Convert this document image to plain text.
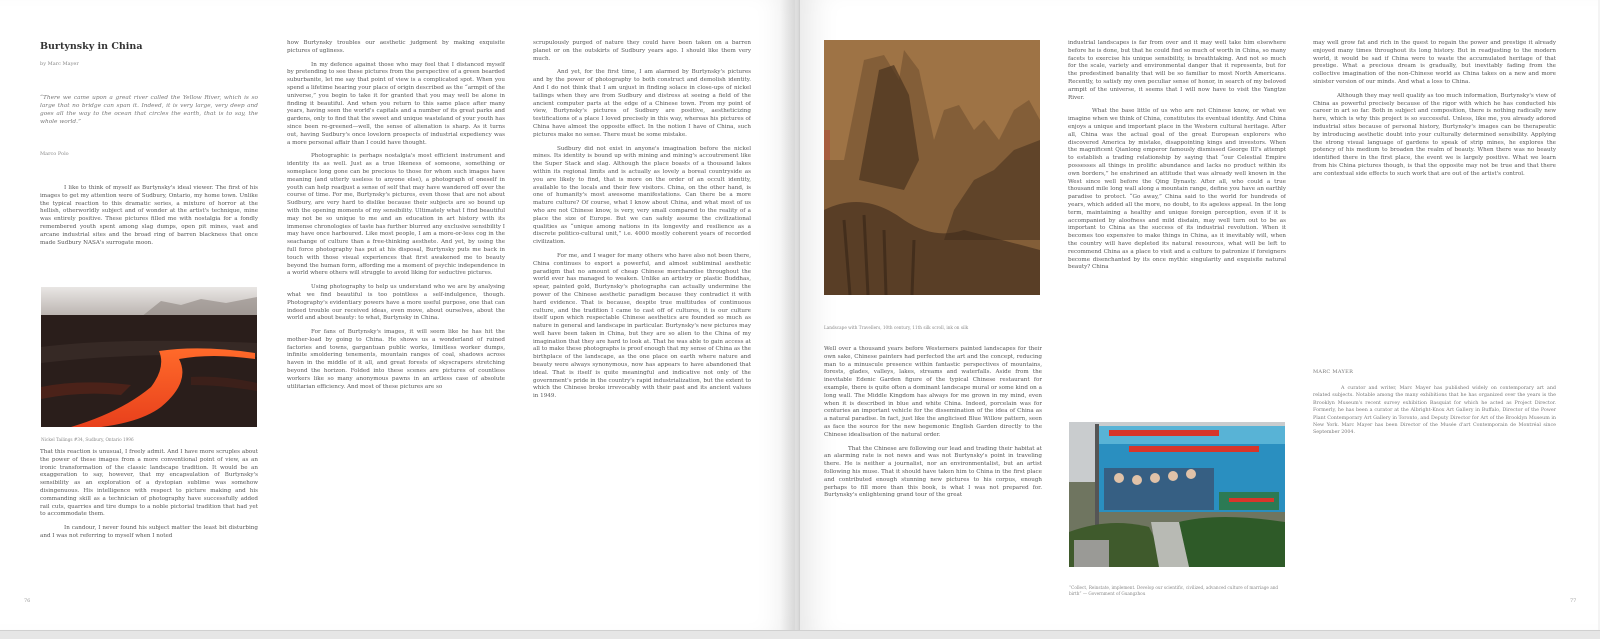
Burtynsky in China
by Marc Mayer
“There we came upon a great river called the Yellow River, which is so large that no bridge can span it. Indeed, it is very large, very deep and goes all the way to the ocean that circles the earth, that is to say, the whole world.”
Marco Polo

I like to think of myself as Burtynsky's ideal viewer. The first of his images to get my attention were of Sudbury, Ontario, my home town. Unlike the typical reaction to this dramatic series, a mixture of horror at the hellish, otherworldly subject and of wonder at the artist's technique, mine was entirely positive. These pictures filled me with nostalgia for a fondly remembered youth spent among slag dumps, open pit mines, vast and arcane industrial sites and the broad ring of barren blackness that once made Sudbury NASA's surrogate moon.

Nickel Tailings #34, Sudbury, Ontario 1996

That this reaction is unusual, I freely admit. And I have more scruples about the power of these images from a more conventional point of view, as an ironic transformation of the classic landscape tradition. It would be an exaggeration to say, however, that my encapsulation of Burtynsky's sensibility as an exploration of a dystopian sublime was somehow disingenuous. His intelligence with respect to picture making and his commanding skill as a technician of photography have successfully added rail cuts, quarries and tire dumps to a noble pictorial tradition that had yet to accommodate them.

In candour, I never found his subject matter the least bit disturbing and I was not referring to myself when I noted

how Burtynsky troubles our aesthetic judgment by making exquisite pictures of ugliness.

In my defence against those who may feel that I distanced myself by pretending to see these pictures from the perspective of a green bearded suburbanite, let me say that point of view is a complicated spot. When you spend a lifetime hearing your place of origin described as the “armpit of the universe,” you begin to take it for granted that you may well be alone in finding it beautiful. And when you return to this same place after many years, having seen the world's capitals and a number of its great parks and gardens, only to find that the sweet and unique wasteland of your youth has since been re-greened—well, the sense of alienation is sharp. As it turns out, having Sudbury's once lovelorn prospects of industrial expediency was a more personal affair than I could have thought.

Photographic is perhaps nostalgia's most efficient instrument and identity its as well. Just as a true likeness of someone, something or someplace long gone can be precious to those for whom such images have meaning (and utterly useless to anyone else), a photograph of oneself in youth can help readjust a sense of self that may have wandered off over the course of time. For me, Burtynsky's pictures, even those that are not about Sudbury, are very hard to dislike because their subjects are so bound up with the opening moments of my sensibility. Ultimately what I find beautiful may not be so unique to me and an education in art history with its immense chronologies of taste has further blurred any exclusive sensibility I may have once harboured. Like most people, I am a more-or-less cog in the seachange of culture than a free-thinking aesthete. And yet, by using the full force photography has put at his disposal, Burtynsky puts me back in touch with those visual experiences that first awakened me to beauty beyond the human form, affording me a moment of psychic independence in a world where others will struggle to avoid liking for seductive pictures.

Using photography to help us understand who we are by analysing what we find beautiful is too pointless a self-indulgence, though. Photography's evidentiary powers have a more useful purpose, one that can indeed trouble our received ideas, even move, about ourselves, about the world and about beauty: to what, Burtynsky in China.

For fans of Burtynsky's images, it will seem like he has hit the mother-load by going to China. He shows us a wonderland of ruined factories and towns, gargantuan public works, limitless worker dumps, infinite smoldering tenements, mountain ranges of coal, shadows across haven in the middle of it all, and great forests of skyscrapers stretching beyond the horizon. Folded into these scenes are pictures of countless workers like so many anonymous pawns in an artless case of absolute utilitarian efficiency. And most of these pictures are so

scrupulously purged of nature they could have been taken on a barren planet or on the outskirts of Sudbury years ago. I should like them very much.

And yet, for the first time, I am alarmed by Burtynsky's pictures and by the power of photography to both construct and demolish identity. And I do not think that I am unjust in finding solace in close-ups of nickel tailings when they are from Sudbury and distress at seeing a field of the ancient computer parts at the edge of a Chinese town. From my point of view, Burtynsky's pictures of Sudbury are positive, aestheticizing testifications of a place I loved precisely in this way, whereas his pictures of China have almost the opposite effect. In the notion I have of China, such pictures make no sense. There must be some mistake.

Sudbury did not exist in anyone's imagination before the nickel mines. Its identity is bound up with mining and mining's accoutrement like the Super Stack and slag. Although the place boasts of a thousand lakes within its regional limits and is actually as lovely a boreal countryside as you are likely to find, that is more on the order of an occult identity, available to the locals and their few visitors. China, on the other hand, is one of humanity's most awesome manifestations. Can there be a more mature culture? Of course, what I know about China, and what most of us who are not Chinese know, is very, very small compared to the reality of a place the size of Europe. But we can safely assume the civilizational qualities as “unique among nations in its longevity and resilience as a discrete politico-cultural unit,” i.e. 4000 mostly coherent years of recorded civilization.

For me, and I wager for many others who have also not been there, China continues to export a powerful, and almost subliminal aesthetic paradigm that no amount of cheap Chinese merchandise throughout the world ever has managed to weaken. Unlike an artistry or plastic Buddhas, spear, painted gold, Burtynsky's photographs can actually undermine the power of the Chinese aesthetic paradigm because they contradict it with hard evidence. That is because, despite true multitudes of continuous culture, and the tradition I came to cast off of cultures, it is our culture itself upon which respectable Chinese aesthetics are founded so much as nature in general and landscape in particular. Burtynsky's new pictures may well have been taken in China, but they are so alien to the China of my imagination that they are hard to look at. That he was able to gain access at all to make these photographs is proof enough that my sense of China as the birthplace of the landscape, as the one place on earth where nature and beauty were always synonymous, now has appears to have abandoned that ideal. That is itself is quite meaningful and indicative not only of the government's pride in the country's rapid industrialization, but the extent to which the Chinese broke irrevocably with their past and its ancient values in 1949.

76
Landscape with Travellers, 10th century, 11th silk scroll, ink on silk

Well over a thousand years before Westerners painted landscapes for their own sake, Chinese painters had perfected the art and the concept, reducing man to a minuscule presence within fantastic perspectives of mountains, forests, glades, valleys, lakes, streams and waterfalls. Aside from the inevitable Edenic Garden figure of the typical Chinese restaurant for example, there is quite often a dominant landscape mural or some kind on a long wall. The Middle Kingdom has always for me grown in my mind, even when it is described in blue and white China. Indeed, porcelain was for centuries an important vehicle for the dissemination of the idea of China as a natural paradise. In fact, just like the anglicised Blue Willow pattern, seen as face the source for the new hegemonic English Garden directly to the Chinese idealisation of the natural order.

That the Chinese are following our lead and trading their habitat at an alarming rate is not news and was not Burtynsky's point in traveling there. He is neither a journalist, nor an environmentalist, but an artist following his muse. That it should have taken him to China in the first place and contributed enough stunning new pictures to his corpus, enough perhaps to fill more than this book, is what I was not prepared for. Burtynsky's enlightening grand tour of the great

industrial landscapes is far from over and it may well take him elsewhere before he is done, but that he could find so much of worth in China, so many facets to exercise his unique sensibility, is breathtaking. And not so much for the scale, variety and environmental danger that it represents, but for the predestined banality that will be so familiar to most North Americans. Recently, to satisfy my own peculiar sense of honor, in search of my beloved armpit of the universe, it seems that I will now have to visit the Yangtze River.

What the base little of us who are not Chinese know, or what we imagine when we think of China, constitutes its eventual identity. And China enjoys a unique and important place in the Western cultural heritage. After all, China was the actual goal of the great European explorers who discovered America by mistake, disappointing kings and investors. When the magnificent Qianlong emperor famously dismissed George III's attempt to establish a trading relationship by saying that “our Celestial Empire possesses all things in prolific abundance and lacks no product within its own borders,” he enshrined an attitude that was already well known in the West since well before the Qing Dynasty. After all, who could a true thousand mile long wall along a mountain range, define you have an earthly paradise to protect. “Go away,” China said to the world for hundreds of years, which added all the more, no doubt, to its ageless appeal. In the long term, maintaining a healthy and unique foreign perception, even if it is accompanied by aloofness and mild disdain, may well turn out to be as important to China as the success of its industrial revolution. When it becomes too expensive to make things in China, as it inevitably will, when the country will have depleted its natural resources, what will be left to recommend China as a place to visit and a culture to patronize if foreigners become disenchanted by its once mythic singularity and exquisite natural beauty? China

“Collect, Reinstate, implement. Develop our scientific, civilized, advanced culture of marriage and birth” — Government of Guangzhou

may well grow fat and rich in the quest to regain the power and prestige it already enjoyed many times throughout its long history. But in readjusting to the modern world, it would be sad if China were to waste the accumulated heritage of that prestige. What a precious dream is gradually, but inevitably fading from the collective imagination of the non-Chinese world as China takes on a new and more sinister version of our minds. And what a loss to China.

Although they may well qualify as too much information, Burtynsky's view of China as powerful precisely because of the rigor with which he has conducted his career in art so far. Both in subject and composition, there is nothing radically new here, which is why this project is so successful. Unless, like me, you already adored industrial sites because of personal history, Burtynsky's images can be therapeutic by introducing aesthetic doubt into your culturally determined sensibility. Applying the strong visual language of gardens to speak of strip mines, he explores the potency of his medium to broaden the realm of beauty. When there was no beauty identified there in the first place, the event we is largely positive. What we learn from his China pictures though, is that the opposite may not be true and that there are contextual side effects to such work that are out of the artist's control.

77
MARC MAYER

A curator and writer, Marc Mayer has published widely on contemporary art and related subjects. Notable among the many exhibitions that he has organized over the years is the Brooklyn Museum's recent survey exhibition Basquiat for which he acted as Project Director. Formerly, he has been a curator at the Albright-Knox Art Gallery in Buffalo, Director of the Power Plant Contemporary Art Gallery in Toronto, and Deputy Director for Art of the Brooklyn Museum in New York. Marc Mayer has been Director of the Musée d'art Contemporain de Montréal since September 2004.
